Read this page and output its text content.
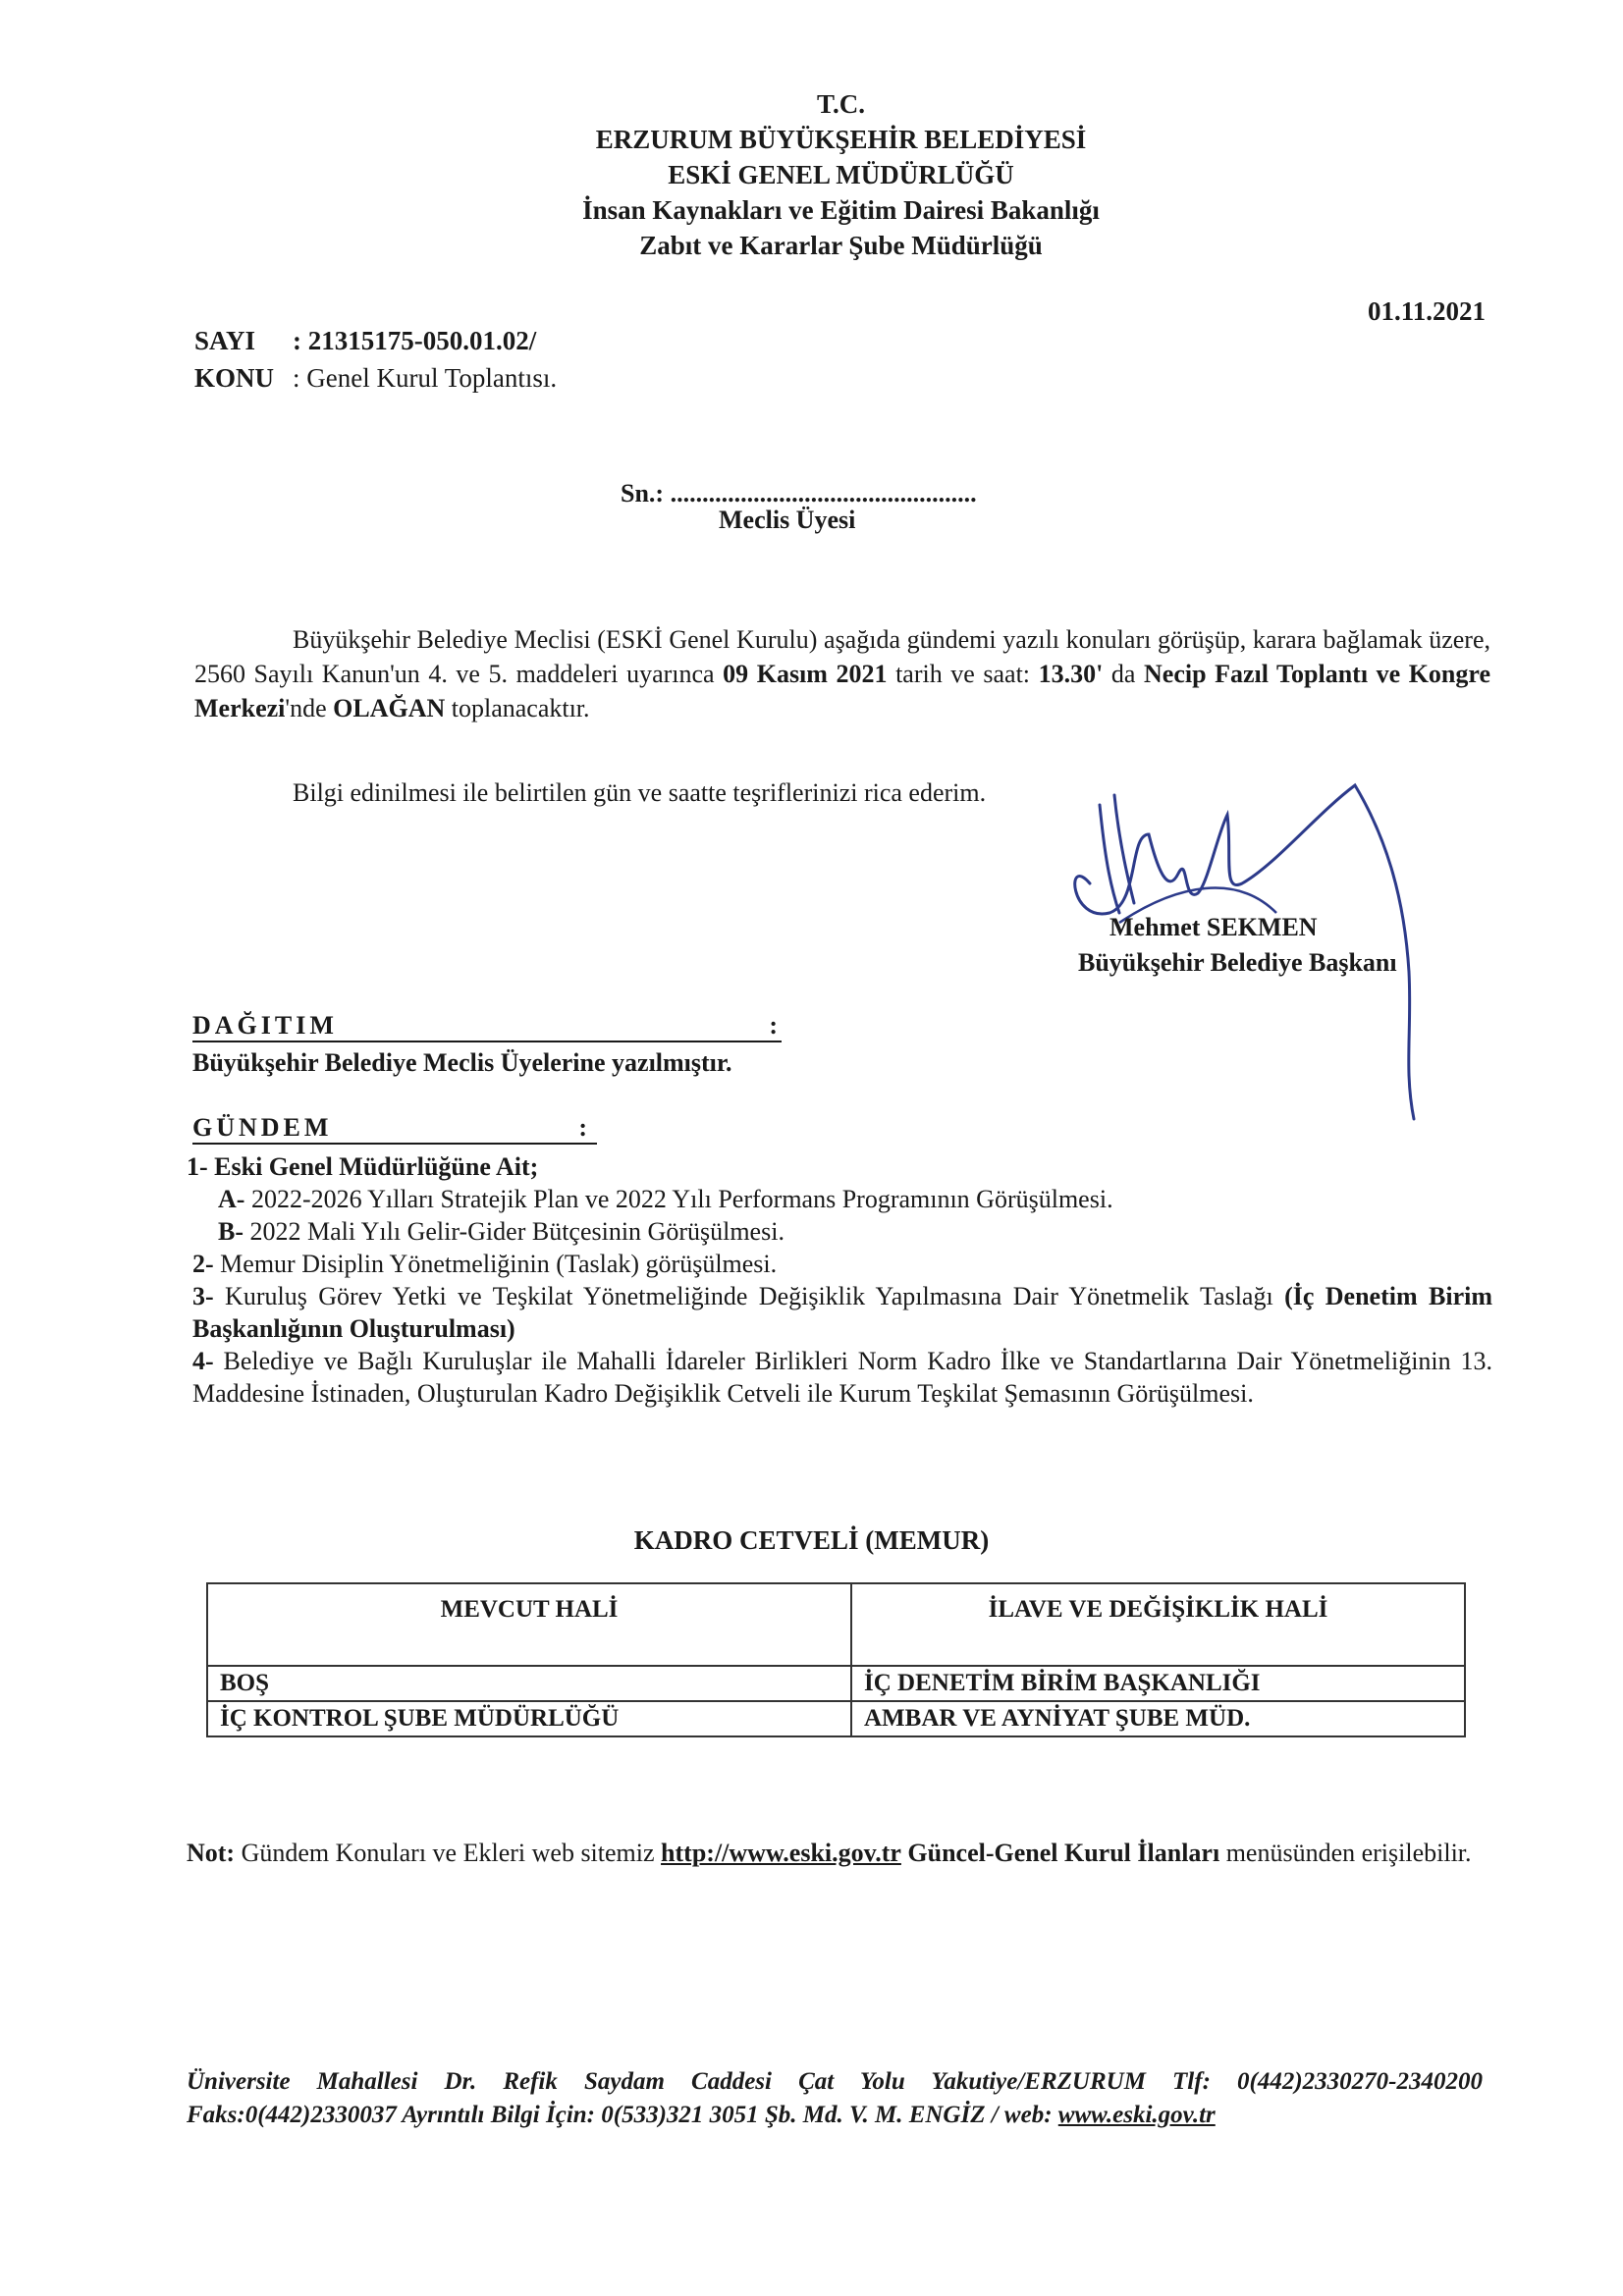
T.C.
ERZURUM BÜYÜKŞEHİR BELEDİYESİ
ESKİ GENEL MÜDÜRLÜĞÜ
İnsan Kaynakları ve Eğitim Dairesi Bakanlığı
Zabıt ve Kararlar Şube Müdürlüğü
SAYI : 21315175-050.01.02/
KONU : Genel Kurul Toplantısı.
01.11.2021
Sn.: ................................................
Meclis Üyesi

Büyükşehir Belediye Meclisi (ESKİ Genel Kurulu) aşağıda gündemi yazılı konuları görüşüp, karara bağlamak üzere, 2560 Sayılı Kanun'un 4. ve 5. maddeleri uyarınca 09 Kasım 2021 tarih ve saat: 13.30' da Necip Fazıl Toplantı ve Kongre Merkezi'nde OLAĞAN toplanacaktır.

Bilgi edinilmesi ile belirtilen gün ve saatte teşriflerinizi rica ederim.

Mehmet SEKMEN
Büyükşehir Belediye Başkanı
DAĞITIM	:
Büyükşehir Belediye Meclis Üyelerine yazılmıştır.
GÜNDEM	:
1- Eski Genel Müdürlüğüne Ait;
A- 2022-2026 Yılları Stratejik Plan ve 2022 Yılı Performans Programının Görüşülmesi.
B- 2022 Mali Yılı Gelir-Gider Bütçesinin Görüşülmesi.
2- Memur Disiplin Yönetmeliğinin (Taslak) görüşülmesi.
3- Kuruluş Görev Yetki ve Teşkilat Yönetmeliğinde Değişiklik Yapılmasına Dair Yönetmelik Taslağı (İç Denetim Birim Başkanlığının Oluşturulması)
4- Belediye ve Bağlı Kuruluşlar ile Mahalli İdareler Birlikleri Norm Kadro İlke ve Standartlarına Dair Yönetmeliğinin 13. Maddesine İstinaden, Oluşturulan Kadro Değişiklik Cetveli ile Kurum Teşkilat Şemasının Görüşülmesi.
KADRO CETVELİ (MEMUR)
MEVCUT HALİ	İLAVE VE DEĞİŞİKLİK HALİ
BOŞ	İÇ DENETİM BİRİM BAŞKANLIĞI
İÇ KONTROL ŞUBE MÜDÜRLÜĞÜ	AMBAR VE AYNİYAT ŞUBE MÜD.
Not: Gündem Konuları ve Ekleri web sitemiz http://www.eski.gov.tr Güncel-Genel Kurul İlanları menüsünden erişilebilir.
Üniversite Mahallesi Dr. Refik Saydam Caddesi Çat Yolu Yakutiye/ERZURUM Tlf: 0(442)2330270-2340200 Faks:0(442)2330037 Ayrıntılı Bilgi İçin: 0(533)321 3051 Şb. Md. V. M. ENGİZ / web: www.eski.gov.tr
